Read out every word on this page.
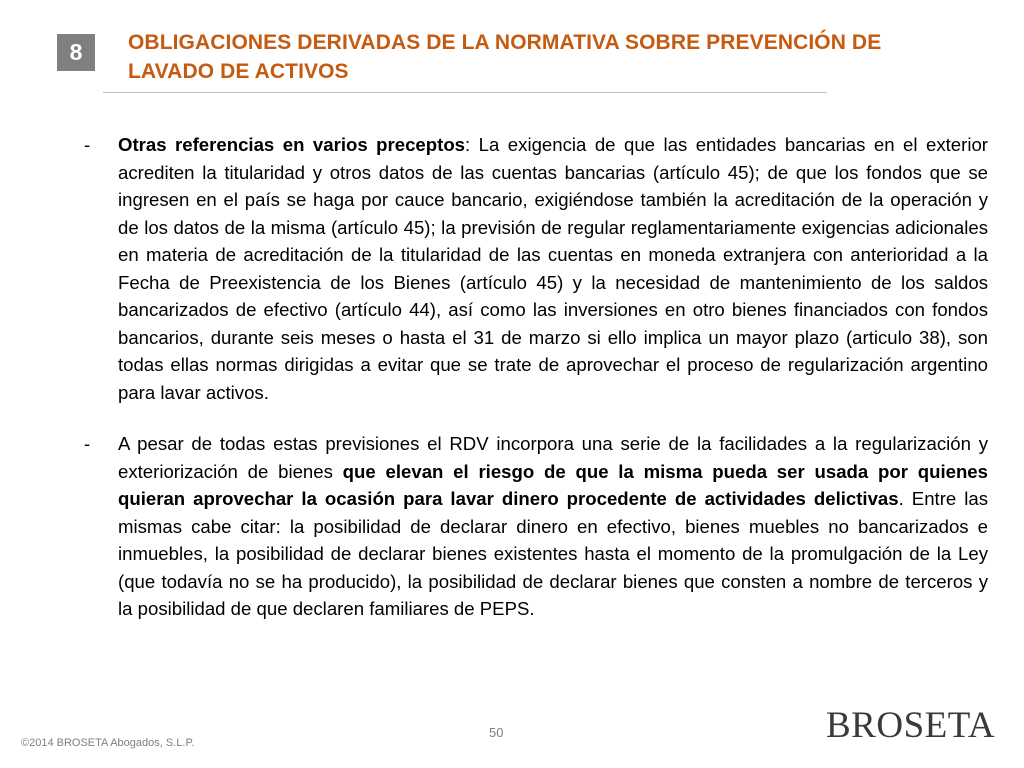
8	OBLIGACIONES DERIVADAS DE LA NORMATIVA SOBRE PREVENCIÓN DE
LAVADO DE ACTIVOS
-	Otras referencias en varios preceptos: La exigencia de que las entidades bancarias en el exterior acrediten la titularidad y otros datos de las cuentas bancarias (artículo 45); de que los fondos que se ingresen en el país se haga por cauce bancario, exigiéndose también la acreditación de la operación y de los datos de la misma (artículo 45); la previsión de regular reglamentariamente exigencias adicionales en materia de acreditación de la titularidad de las cuentas en moneda extranjera con anterioridad a la Fecha de Preexistencia de los Bienes (artículo 45) y la necesidad de mantenimiento de los saldos bancarizados de efectivo (artículo 44), así como las inversiones en otro bienes financiados con fondos bancarios, durante seis meses o hasta el 31 de marzo si ello implica un mayor plazo (articulo 38), son todas ellas normas dirigidas a evitar que se trate de aprovechar el proceso de regularización argentino para lavar activos.

-	A pesar de todas estas previsiones el RDV incorpora una serie de la facilidades a la regularización y exteriorización de bienes que elevan el riesgo de que la misma pueda ser usada por quienes quieran aprovechar la ocasión para lavar dinero procedente de actividades delictivas. Entre las mismas cabe citar: la posibilidad de declarar dinero en efectivo, bienes muebles no bancarizados e inmuebles, la posibilidad de declarar bienes existentes hasta el momento de la promulgación de la Ley (que todavía no se ha producido), la posibilidad de declarar bienes que consten a nombre de terceros y la posibilidad de que declaren familiares de PEPS.

©2014 BROSETA Abogados, S.L.P.
50	BROSETA
